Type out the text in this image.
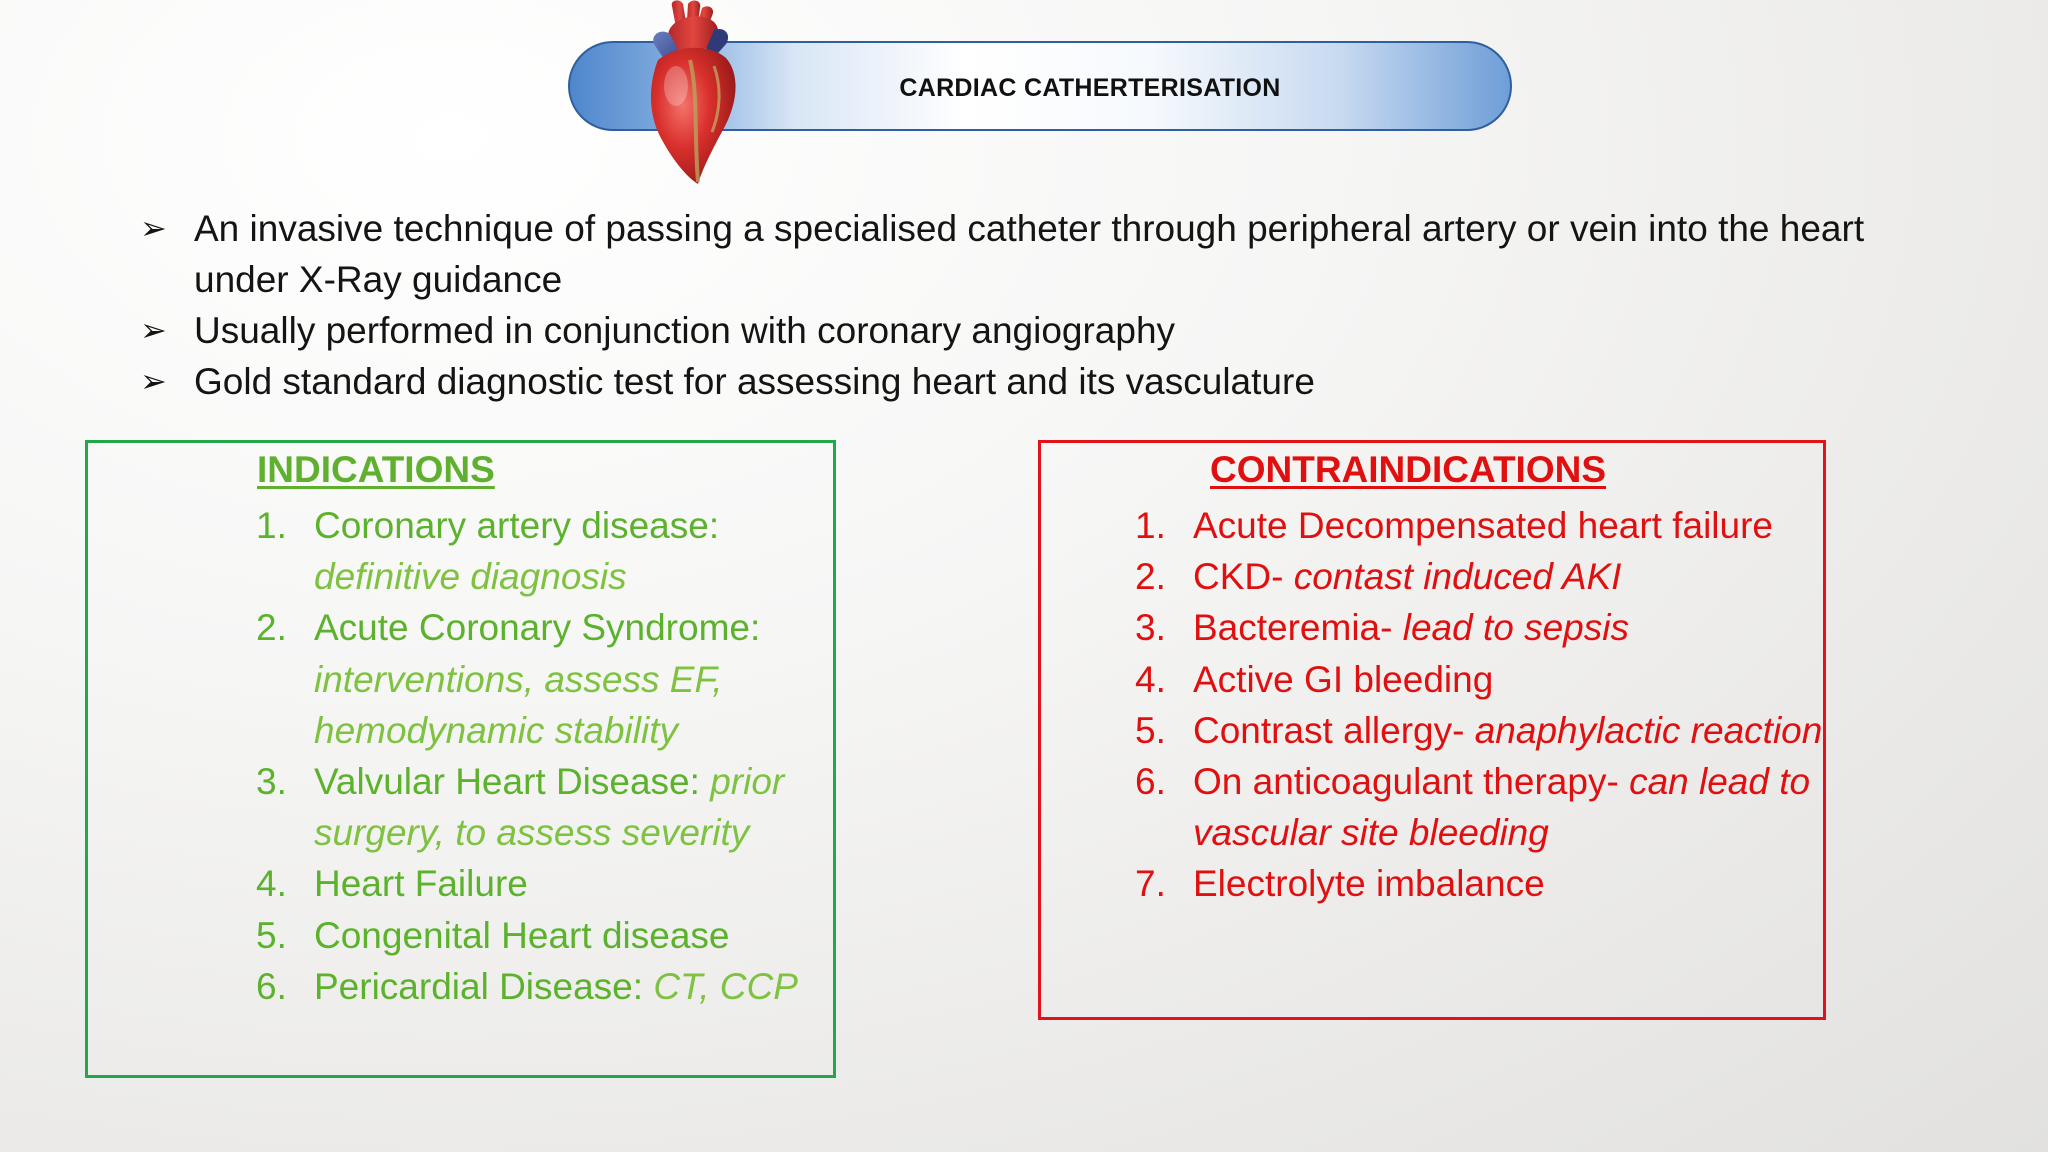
CARDIAC CATHERTERISATION
➢ An invasive technique of passing a specialised catheter through peripheral artery or vein into the heart under X-Ray guidance
➢ Usually performed in conjunction with coronary angiography
➢ Gold standard diagnostic test for assessing heart and its vasculature
INDICATIONS
1. Coronary artery disease: definitive diagnosis
2. Acute Coronary Syndrome: interventions, assess EF, hemodynamic stability
3. Valvular Heart Disease: prior surgery, to assess severity
4. Heart Failure
5. Congenital Heart disease
6. Pericardial Disease: CT, CCP
CONTRAINDICATIONS
1. Acute Decompensated heart failure
2. CKD- contast induced AKI
3. Bacteremia- lead to sepsis
4. Active GI bleeding
5. Contrast allergy- anaphylactic reaction
6. On anticoagulant therapy- can lead to vascular site bleeding
7. Electrolyte imbalance
